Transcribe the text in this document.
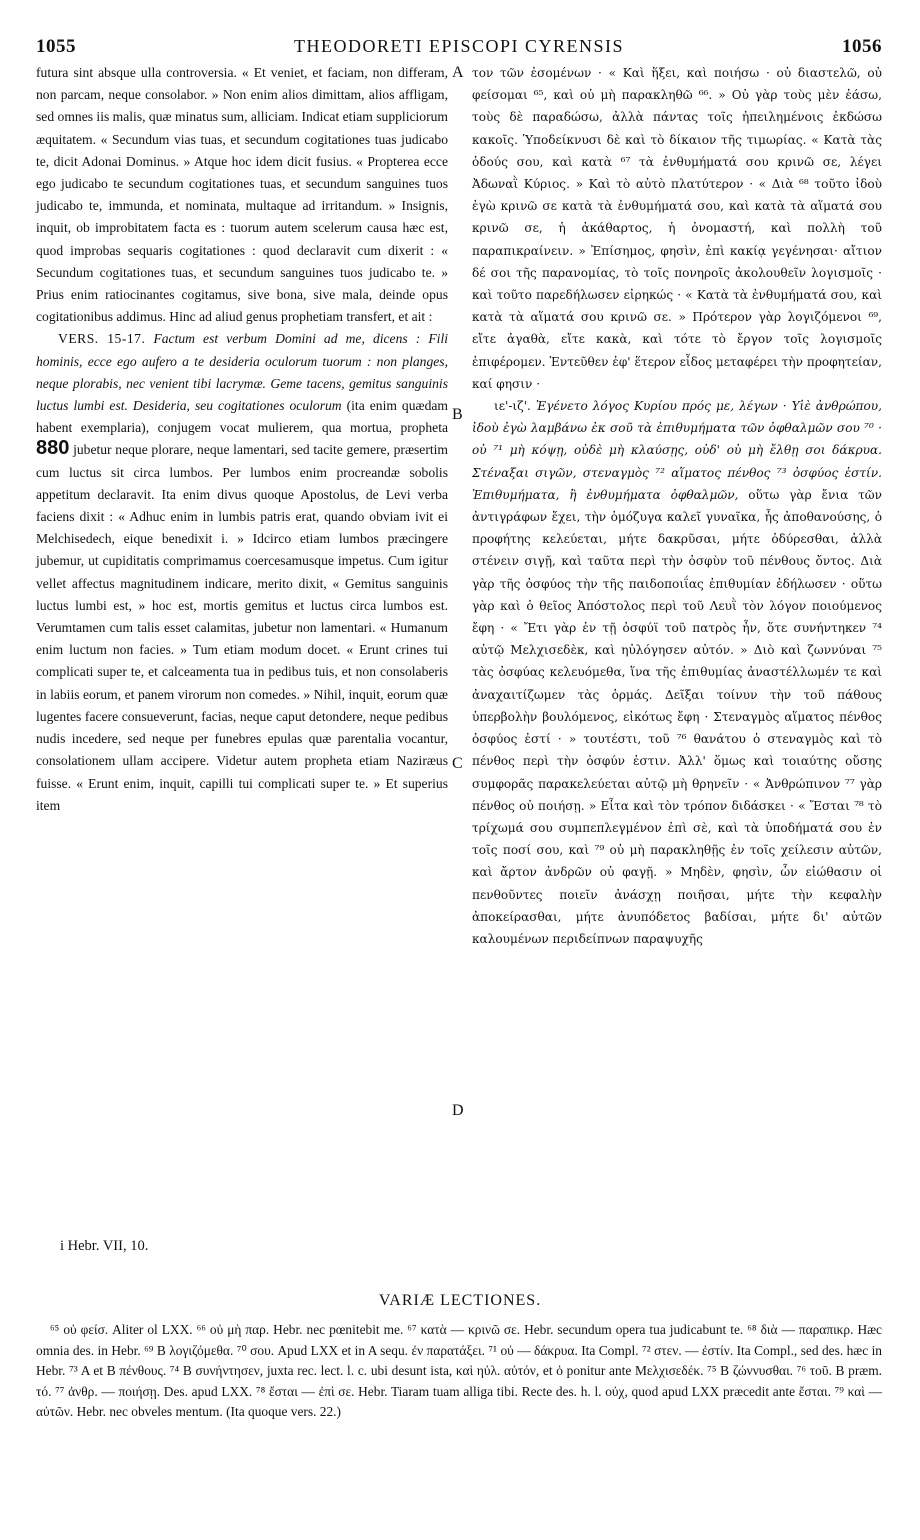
1055	THEODORETI EPISCOPI CYRENSIS	1056

futura sint absque ulla controversia. « Et veniet, et faciam, non differam, non parcam, neque consolabor. » Non enim alios dimittam, alios affligam, sed omnes iis malis, quæ minatus sum, alliciam. Indicat etiam suppliciorum æquitatem. « Secundum vias tuas, et secundum cogitationes tuas judicabo te, dicit Adonai Dominus. » Atque hoc idem dicit fusius. « Propterea ecce ego judicabo te secundum cogitationes tuas, et secundum sanguines tuos judicabo te, immunda, et nominata, multaque ad irritandum. » Insignis, inquit, ob improbitatem facta es : tuorum autem scelerum causa hæc est, quod improbas sequaris cogitationes : quod declaravit cum dixerit : « Secundum cogitationes tuas, et secundum sanguines tuos judicabo te. » Prius enim ratiocinantes cogitamus, sive bona, sive mala, deinde opus cogitationibus addimus. Hinc ad aliud genus prophetiam transfert, et ait :

VERS. 15-17. Factum est verbum Domini ad me, dicens : Fili hominis, ecce ego aufero a te desideria oculorum tuorum : non planges, neque plorabis, nec venient tibi lacrymæ. Geme tacens, gemitus sanguinis luctus lumbi est. Desideria, seu cogitationes oculorum (ita enim quædam habent exemplaria), conjugem vocat mulierem, qua mortua, propheta 880 jubetur neque plorare, neque lamentari, sed tacite gemere, præsertim cum luctus sit circa lumbos. Per lumbos enim procreandæ sobolis appetitum declaravit. Ita enim divus quoque Apostolus, de Levi verba faciens dixit : « Adhuc enim in lumbis patris erat, quando obviam ivit ei Melchisedech, eique benedixit i. » Idcirco etiam lumbos præcingere jubemur, ut cupiditatis comprimamus coercesamusque impetus. Cum igitur vellet affectus magnitudinem indicare, merito dixit, « Gemitus sanguinis luctus lumbi est, » hoc est, mortis gemitus et luctus circa lumbos est. Verumtamen cum talis esset calamitas, jubetur non lamentari. « Humanum enim luctum non facies. » Tum etiam modum docet. « Erunt crines tui complicati super te, et calceamenta tua in pedibus tuis, et non consolaberis in labiis eorum, et panem virorum non comedes. » Nihil, inquit, eorum quæ lugentes facere consueverunt, facias, neque caput detondere, neque pedibus nudis incedere, sed neque per funebres epulas quæ parentalia vocantur, consolationem ullam accipere. Videtur autem propheta etiam Naziræus fuisse. « Erunt enim, inquit, capilli tui complicati super te. » Et superius item

A
B
C
D

τον τῶν ἐσομένων · « Καὶ ἥξει, καὶ ποιήσω · οὐ διαστελῶ, οὐ φείσομαι ⁶⁵, καὶ οὐ μὴ παρακληθῶ ⁶⁶. » Οὐ γὰρ τοὺς μὲν ἐάσω, τοὺς δὲ παραδώσω, ἀλλὰ πάντας τοῖς ἠπειλημένοις ἐκδώσω κακοῖς. Ὑποδείκνυσι δὲ καὶ τὸ δίκαιον τῆς τιμωρίας. « Κατὰ τὰς ὁδούς σου, καὶ κατὰ ⁶⁷ τὰ ἐνθυμήματά σου κρινῶ σε, λέγει Ἀδωναῒ Κύριος. » Καὶ τὸ αὐτὸ πλατύτερον · « Διὰ ⁶⁸ τοῦτο ἰδοὺ ἐγὼ κρινῶ σε κατὰ τὰ ἐνθυμήματά σου, καὶ κατὰ τὰ αἵματά σου κρινῶ σε, ἡ ἀκάθαρτος, ἡ ὀνομαστή, καὶ πολλὴ τοῦ παραπικραίνειν. » Ἐπίσημος, φησὶν, ἐπὶ κακίᾳ γεγένησαι· αἴτιον δέ σοι τῆς παρανομίας, τὸ τοῖς πονηροῖς ἀκολουθεῖν λογισμοῖς · καὶ τοῦτο παρεδήλωσεν εἰρηκώς · « Κατὰ τὰ ἐνθυμήματά σου, καὶ κατὰ τὰ αἵματά σου κρινῶ σε. » Πρότερον γὰρ λογιζόμενοι ⁶⁹, εἴτε ἀγαθὰ, εἴτε κακὰ, καὶ τότε τὸ ἔργον τοῖς λογισμοῖς ἐπιφέρομεν. Ἐντεῦθεν ἐφ' ἕτερον εἶδος μεταφέρει τὴν προφητείαν, καί φησιν ·

ιε'-ιζ'. Ἐγένετο λόγος Κυρίου πρός με, λέγων · Υἱὲ ἀνθρώπου, ἰδοὺ ἐγὼ λαμβάνω ἐκ σοῦ τὰ ἐπιθυμήματα τῶν ὀφθαλμῶν σου ⁷⁰ · οὐ ⁷¹ μὴ κόψῃ, οὐδὲ μὴ κλαύσῃς, οὐδ' οὐ μὴ ἔλθῃ σοι δάκρυα. Στέναξαι σιγῶν, στεναγμὸς ⁷² αἵματος πένθος ⁷³ ὀσφύος ἐστίν. Ἐπιθυμήματα, ἢ ἐνθυμήματα ὀφθαλμῶν, οὕτω γὰρ ἔνια τῶν ἀντιγράφων ἔχει, τὴν ὁμόζυγα καλεῖ γυναῖκα, ἧς ἀποθανούσης, ὁ προφήτης κελεύεται, μήτε δακρῦσαι, μήτε ὀδύρεσθαι, ἀλλὰ στένειν σιγῇ, καὶ ταῦτα περὶ τὴν ὀσφὺν τοῦ πένθους ὄντος. Διὰ γὰρ τῆς ὀσφύος τὴν τῆς παιδοποιΐας ἐπιθυμίαν ἐδήλωσεν · οὕτω γὰρ καὶ ὁ θεῖος Ἀπόστολος περὶ τοῦ Λευῒ τὸν λόγον ποιούμενος ἔφη · « Ἔτι γὰρ ἐν τῇ ὀσφύϊ τοῦ πατρὸς ἦν, ὅτε συνήντηκεν ⁷⁴ αὐτῷ Μελχισεδὲκ, καὶ ηὐλόγησεν αὐτόν. » Διὸ καὶ ζωννύναι ⁷⁵ τὰς ὀσφύας κελευόμεθα, ἵνα τῆς ἐπιθυμίας ἀναστέλλωμέν τε καὶ ἀναχαιτίζωμεν τὰς ὁρμάς. Δεῖξαι τοίνυν τὴν τοῦ πάθους ὑπερβολὴν βουλόμενος, εἰκότως ἔφη · Στεναγμὸς αἵματος πένθος ὀσφύος ἐστί · » τουτέστι, τοῦ ⁷⁶ θανάτου ὁ στεναγμὸς καὶ τὸ πένθος περὶ τὴν ὀσφύν ἐστιν. Ἀλλ' ὅμως καὶ τοιαύτης οὔσης συμφορᾶς παρακελεύεται αὐτῷ μὴ θρηνεῖν · « Ἀνθρώπινον ⁷⁷ γὰρ πένθος οὐ ποιήσῃ. » Εἶτα καὶ τὸν τρόπον διδάσκει · « Ἔσται ⁷⁸ τὸ τρίχωμά σου συμπεπλεγμένον ἐπὶ σὲ, καὶ τὰ ὑποδήματά σου ἐν τοῖς ποσί σου, καὶ ⁷⁹ οὐ μὴ παρακληθῇς ἐν τοῖς χείλεσιν αὐτῶν, καὶ ἄρτον ἀνδρῶν οὐ φαγῇ. » Μηδὲν, φησὶν, ὧν εἰώθασιν οἱ πενθοῦντες ποιεῖν ἀνάσχῃ ποιῆσαι, μήτε τὴν κεφαλὴν ἀποκείρασθαι, μήτε ἀνυπόδετος βαδίσαι, μήτε δι' αὐτῶν καλουμένων περιδείπνων παραψυχῆς

i Hebr. VII, 10.
VARIÆ LECTIONES.

⁶⁵ οὐ φείσ. Aliter ol LXX. ⁶⁶ οὐ μὴ παρ. Hebr. nec pœnitebit me. ⁶⁷ κατὰ — κρινῶ σε. Hebr. secundum opera tua judicabunt te. ⁶⁸ διὰ — παραπικρ. Hæc omnia des. in Hebr. ⁶⁹ B λογιζόμεθα. ⁷⁰ σου. Apud LXX et in A sequ. ἐν παρατάξει. ⁷¹ οὐ — δάκρυα. Ita Compl. ⁷² στεν. — ἐστίν. Ita Compl., sed des. hæc in Hebr. ⁷³ A et B πένθους. ⁷⁴ B συνήντησεν, juxta rec. lect. l. c. ubi desunt ista, καὶ ηὐλ. αὐτόν, et ὁ ponitur ante Μελχισεδέκ. ⁷⁵ B ζώννυσθαι. ⁷⁶ τοῦ. B præm. τό. ⁷⁷ ἀνθρ. — ποιήσῃ. Des. apud LXX. ⁷⁸ ἔσται — ἐπὶ σε. Hebr. Tiaram tuam alliga tibi. Recte des. h. l. οὐχ, quod apud LXX præcedit ante ἔσται. ⁷⁹ καὶ — αὐτῶν. Hebr. nec obveles mentum. (Ita quoque vers. 22.)
